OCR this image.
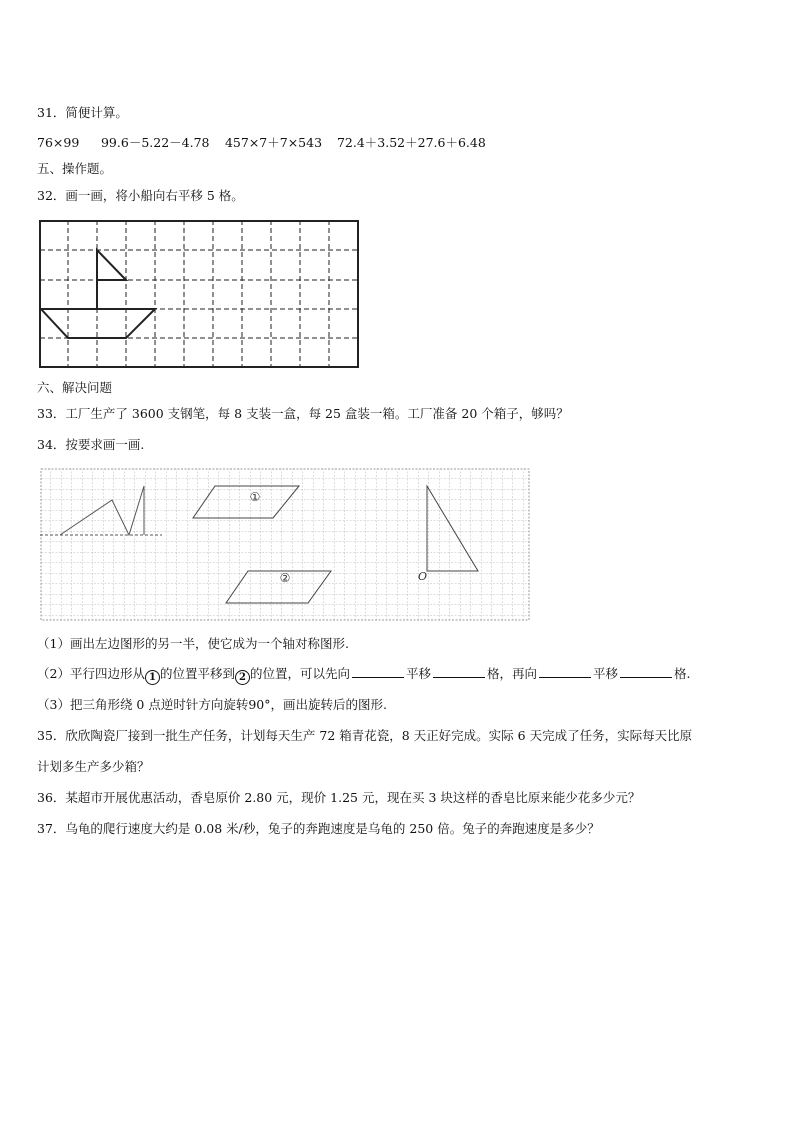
31．简便计算。
76×99 99.6－5.22－4.78 457×7＋7×543 72.4＋3.52＋27.6＋6.48
五、操作题。
32．画一画，将小船向右平移 5 格。
六、解决问题
33．工厂生产了 3600 支钢笔，每 8 支装一盒，每 25 盒装一箱。工厂准备 20 个箱子，够吗？
34．按要求画一画.
①
②	O
（1）画出左边图形的另一半，使它成为一个轴对称图形.
（2）平行四边形从 1 的位置平移到 2 的位置，可以先向	平移	格，再向	平移	格.
（3）把三角形绕 0 点逆时针方向旋转90°，画出旋转后的图形.
35．欣欣陶瓷厂接到一批生产任务，计划每天生产 72 箱青花瓷，8 天正好完成。实际 6 天完成了任务，实际每天比原
计划多生产多少箱？
36．某超市开展优惠活动，香皂原价 2.80 元，现价 1.25 元，现在买 3 块这样的香皂比原来能少花多少元？
37．乌龟的爬行速度大约是 0.08 米/秒，兔子的奔跑速度是乌龟的 250 倍。兔子的奔跑速度是多少？
